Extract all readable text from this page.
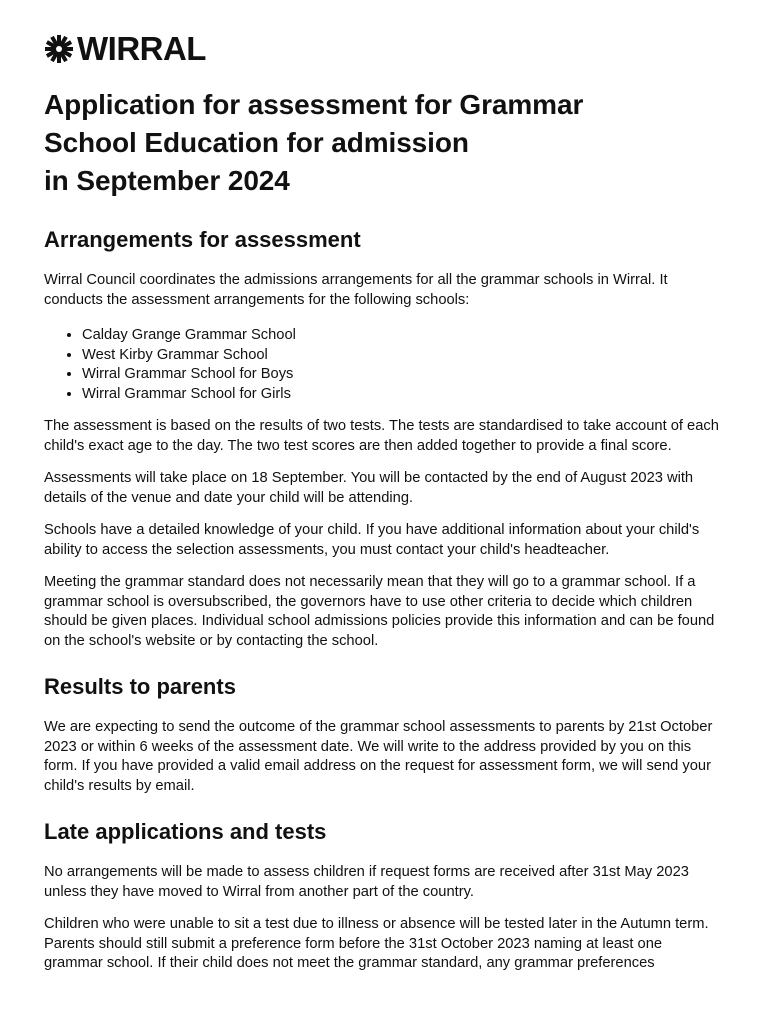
WIRRAL
Application for assessment for Grammar
School Education for admission
in September 2024
Arrangements for assessment

Wirral Council coordinates the admissions arrangements for all the grammar schools in Wirral. It conducts the assessment arrangements for the following schools:

• Calday Grange Grammar School
• West Kirby Grammar School
• Wirral Grammar School for Boys
• Wirral Grammar School for Girls

The assessment is based on the results of two tests. The tests are standardised to take account of each child's exact age to the day. The two test scores are then added together to provide a final score.

Assessments will take place on 18 September. You will be contacted by the end of August 2023 with details of the venue and date your child will be attending.

Schools have a detailed knowledge of your child. If you have additional information about your child's ability to access the selection assessments, you must contact your child's headteacher.

Meeting the grammar standard does not necessarily mean that they will go to a grammar school. If a grammar school is oversubscribed, the governors have to use other criteria to decide which children should be given places. Individual school admissions policies provide this information and can be found on the school's website or by contacting the school.

Results to parents

We are expecting to send the outcome of the grammar school assessments to parents by 21st October 2023 or within 6 weeks of the assessment date. We will write to the address provided by you on this form. If you have provided a valid email address on the request for assessment form, we will send your child's results by email.

Late applications and tests

No arrangements will be made to assess children if request forms are received after 31st May 2023 unless they have moved to Wirral from another part of the country.

Children who were unable to sit a test due to illness or absence will be tested later in the Autumn term. Parents should still submit a preference form before the 31st October 2023 naming at least one grammar school. If their child does not meet the grammar standard, any grammar preferences
